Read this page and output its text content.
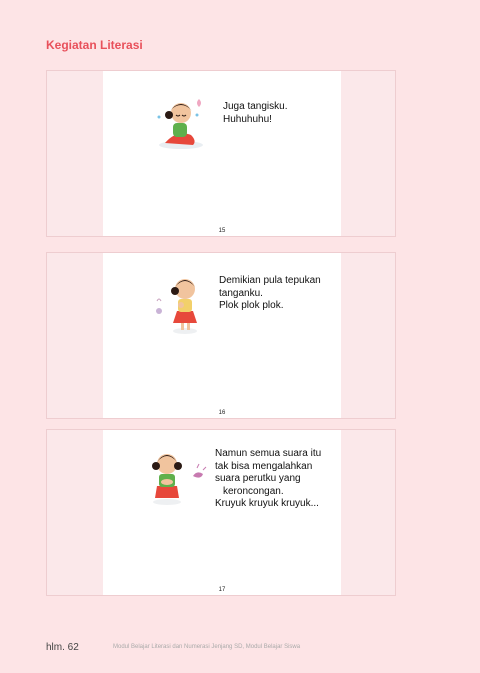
Kegiatan Literasi
Juga tangisku.
Huhuhuhu!
15
Demikian pula tepukan
tanganku.
Plok plok plok.
16
Namun semua suara itu
tak bisa mengalahkan
suara perutku yang
keroncongan.
Kruyuk kruyuk kruyuk...
17
hlm. 62	Modul Belajar Literasi dan Numerasi Jenjang SD, Modul Belajar Siswa
